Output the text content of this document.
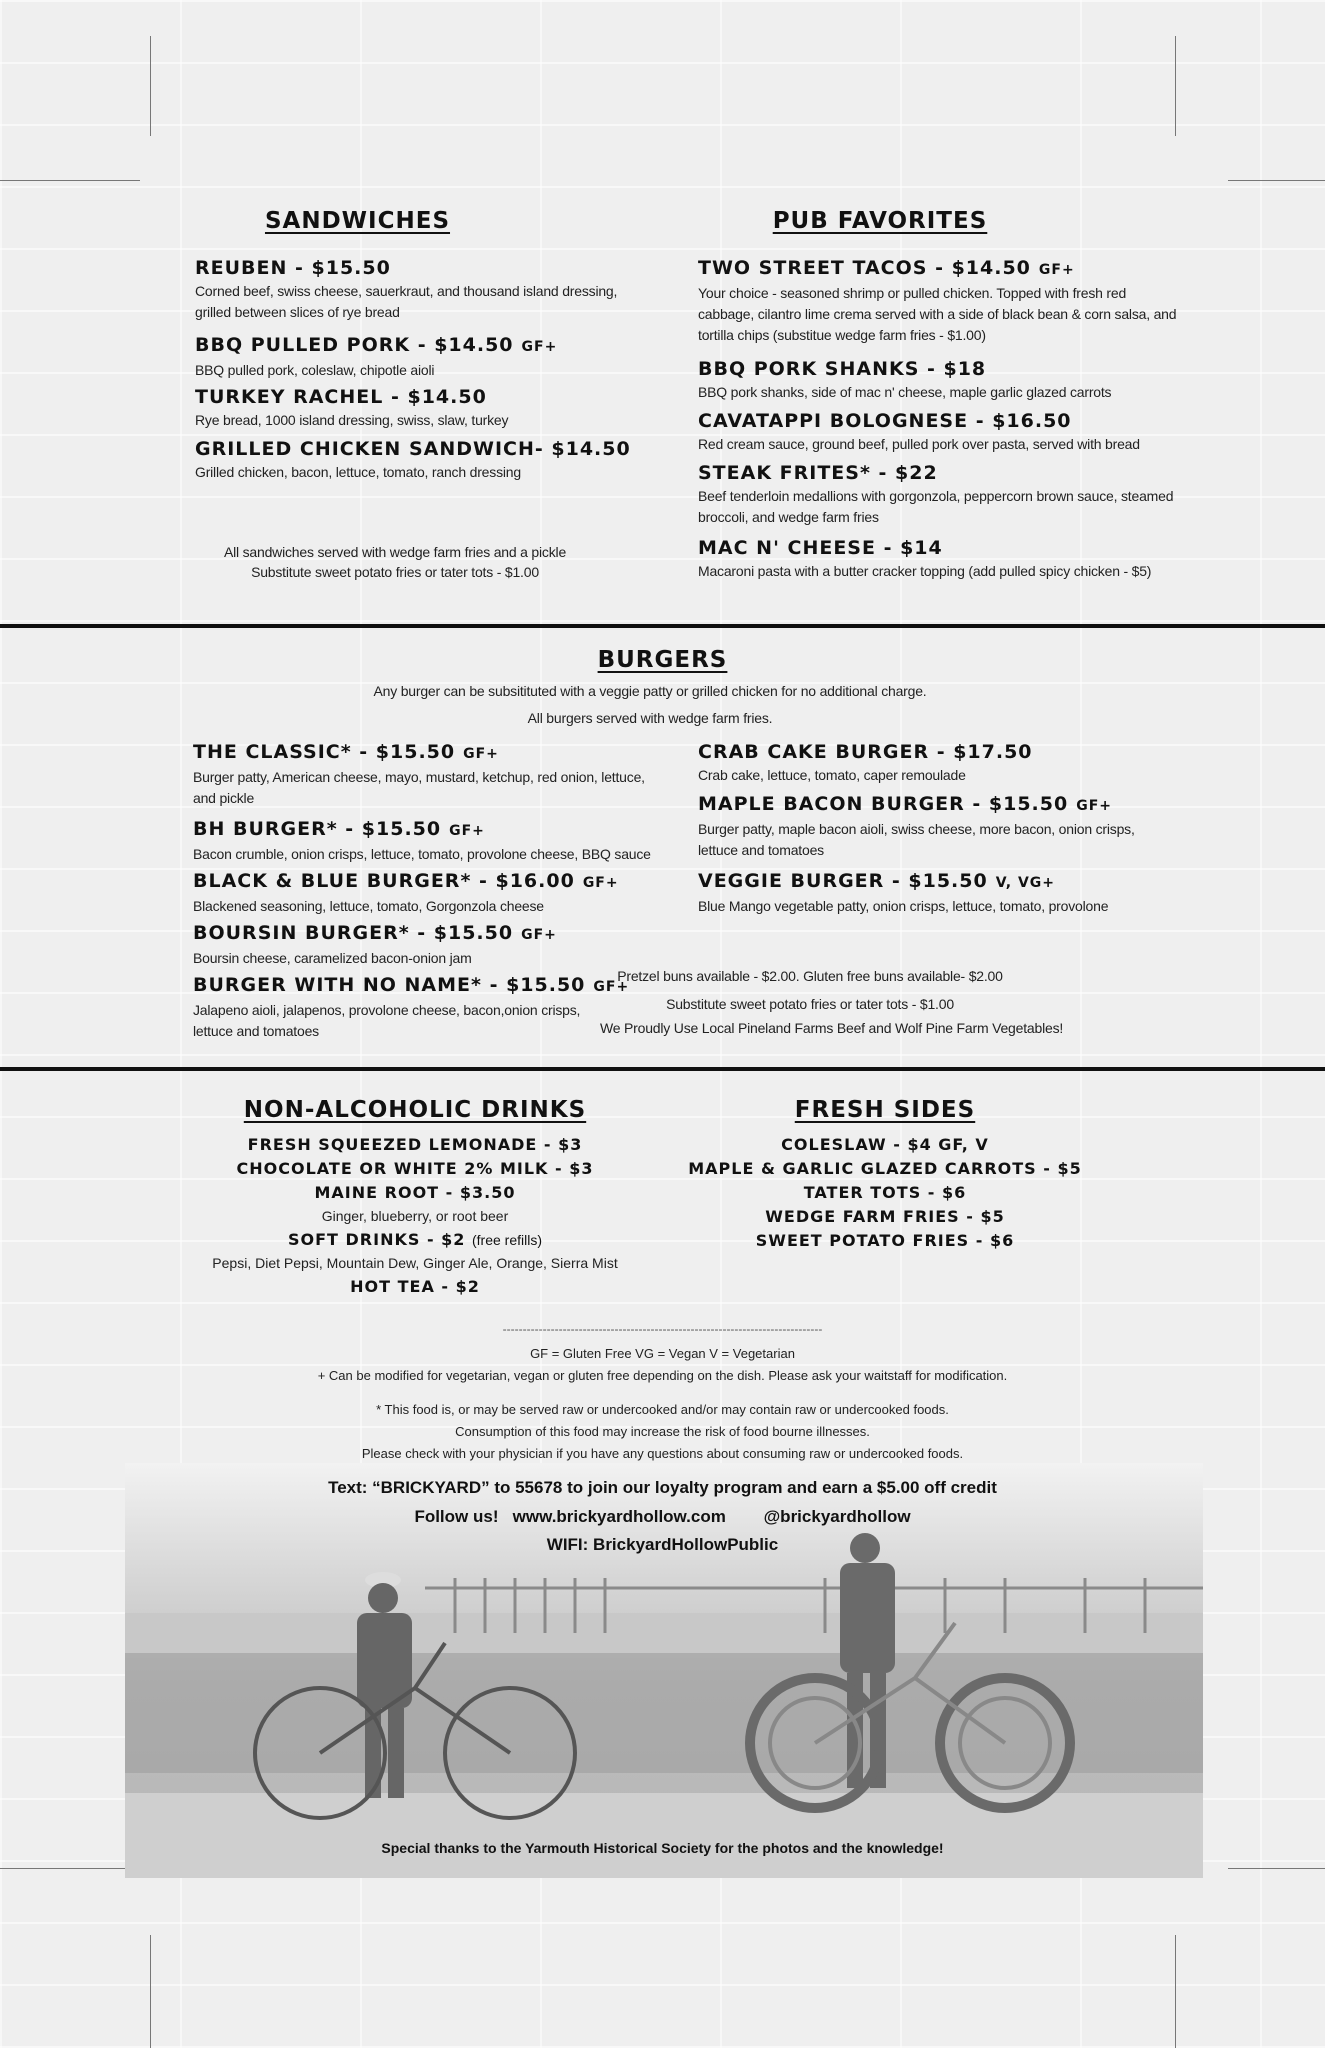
SANDWICHES
REUBEN - $15.50
Corned beef, swiss cheese, sauerkraut, and thousand island dressing, grilled between slices of rye bread
BBQ PULLED PORK - $14.50 GF+
BBQ pulled pork, coleslaw, chipotle aioli
TURKEY RACHEL - $14.50
Rye bread, 1000 island dressing, swiss, slaw, turkey
GRILLED CHICKEN SANDWICH- $14.50
Grilled chicken, bacon, lettuce, tomato, ranch dressing
All sandwiches served with wedge farm fries and a pickle
Substitute sweet potato fries or tater tots - $1.00
PUB FAVORITES
TWO STREET TACOS - $14.50 GF+
Your choice - seasoned shrimp or pulled chicken. Topped with fresh red cabbage, cilantro lime crema served with a side of black bean & corn salsa, and tortilla chips (substitue wedge farm fries - $1.00)
BBQ PORK SHANKS - $18
BBQ pork shanks, side of mac n' cheese, maple garlic glazed carrots
CAVATAPPI BOLOGNESE - $16.50
Red cream sauce, ground beef, pulled pork over pasta, served with bread
STEAK FRITES* - $22
Beef tenderloin medallions with gorgonzola, peppercorn brown sauce, steamed broccoli, and wedge farm fries
MAC N' CHEESE - $14
Macaroni pasta with a butter cracker topping (add pulled spicy chicken - $5)
BURGERS
Any burger can be subsitituted with a veggie patty or grilled chicken for no additional charge.
All burgers served with wedge farm fries.
THE CLASSIC* - $15.50 GF+
Burger patty, American cheese, mayo, mustard, ketchup, red onion, lettuce, and pickle
BH BURGER* - $15.50 GF+
Bacon crumble, onion crisps, lettuce, tomato, provolone cheese, BBQ sauce
BLACK & BLUE BURGER* - $16.00 GF+
Blackened seasoning, lettuce, tomato, Gorgonzola cheese
BOURSIN BURGER* - $15.50 GF+
Boursin cheese, caramelized bacon-onion jam
BURGER WITH NO NAME* - $15.50 GF+
Jalapeno aioli, jalapenos, provolone cheese, bacon,onion crisps, lettuce and tomatoes
CRAB CAKE BURGER - $17.50
Crab cake, lettuce, tomato, caper remoulade
MAPLE BACON BURGER - $15.50 GF+
Burger patty, maple bacon aioli, swiss cheese, more bacon, onion crisps, lettuce and tomatoes
VEGGIE BURGER - $15.50 V, VG+
Blue Mango vegetable patty, onion crisps, lettuce, tomato, provolone
Pretzel buns available - $2.00. Gluten free buns available- $2.00
Substitute sweet potato fries or tater tots - $1.00
We Proudly Use Local Pineland Farms Beef and Wolf Pine Farm Vegetables!
NON-ALCOHOLIC DRINKS
FRESH SQUEEZED LEMONADE - $3
CHOCOLATE OR WHITE 2% MILK - $3
MAINE ROOT - $3.50
Ginger, blueberry, or root beer
SOFT DRINKS - $2 (free refills)
Pepsi, Diet Pepsi, Mountain Dew, Ginger Ale, Orange, Sierra Mist
HOT TEA - $2
FRESH SIDES
COLESLAW - $4 GF, V
MAPLE & GARLIC GLAZED CARROTS - $5
TATER TOTS - $6
WEDGE FARM FRIES - $5
SWEET POTATO FRIES - $6
--------------------------------------------------------------------------------
GF = Gluten Free VG = Vegan V = Vegetarian
+ Can be modified for vegetarian, vegan or gluten free depending on the dish. Please ask your waitstaff for modification.
* This food is, or may be served raw or undercooked and/or may contain raw or undercooked foods.
Consumption of this food may increase the risk of food bourne illnesses.
Please check with your physician if you have any questions about consuming raw or undercooked foods.
Text: “BRICKYARD” to 55678 to join our loyalty program and earn a $5.00 off credit
Follow us!   www.brickyardhollow.com        @brickyardhollow
WIFI: BrickyardHollowPublic
Special thanks to the Yarmouth Historical Society for the photos and the knowledge!
